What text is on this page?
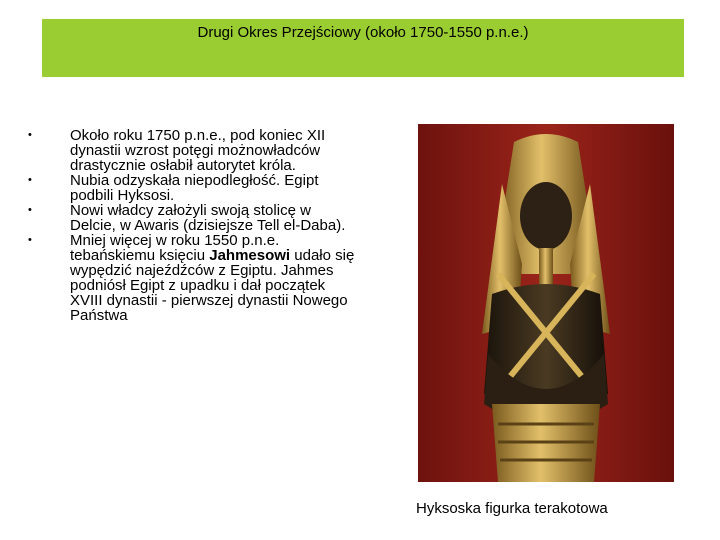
Drugi Okres Przejściowy (około 1750-1550 p.n.e.)
•	Około roku 1750 p.n.e., pod koniec XII dynastii wzrost potęgi możnowładców drastycznie osłabił autorytet króla.
•	Nubia odzyskała niepodległość. Egipt podbili Hyksosi.
•	Nowi władcy założyli swoją stolicę w Delcie, w Awaris (dzisiejsze Tell el-Daba).
•	Mniej więcej w roku 1550 p.n.e. tebańskiemu księciu Jahmesowi udało się wypędzić najeźdźców z Egiptu. Jahmes podniósł Egipt z upadku i dał początek XVIII dynastii - pierwszej dynastii Nowego Państwa
Hyksoska figurka terakotowa
